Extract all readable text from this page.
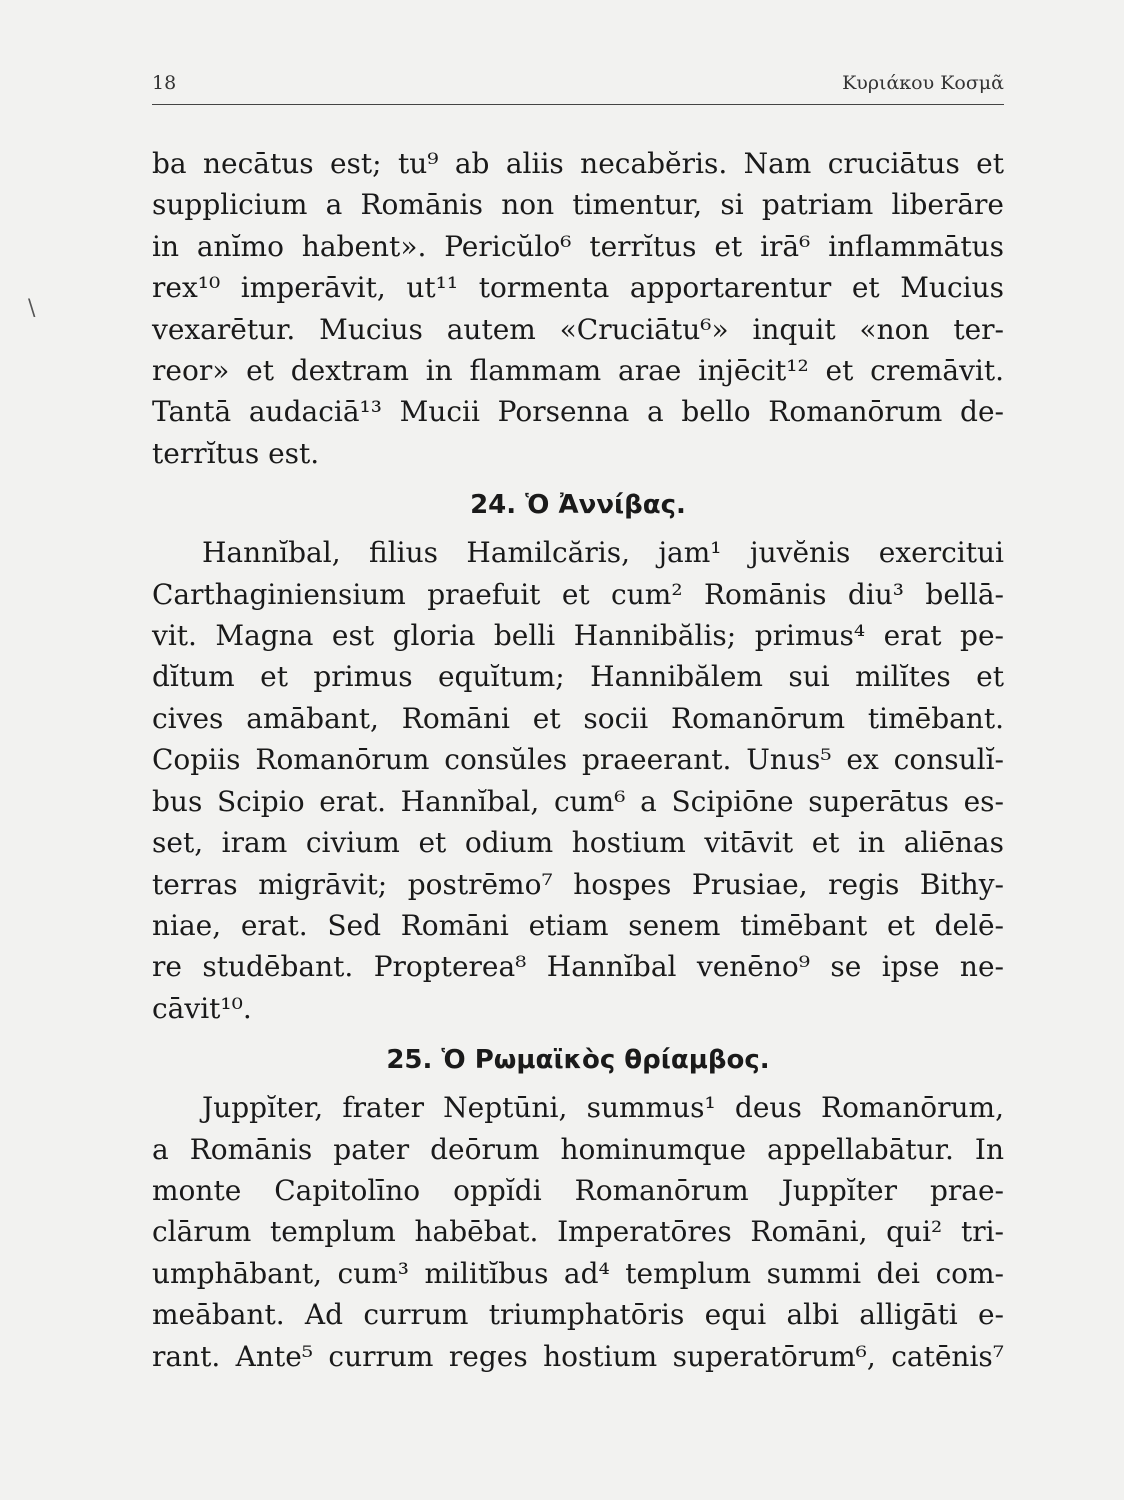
18	Κυριάκου Κοσμᾶ
\
ba necātus est; tu⁹ ab aliis necabĕris. Nam cruciātus et
supplicium a Romānis non timentur, si patriam liberāre
in anĭmo habent». Pericŭlo⁶ terrĭtus et irā⁶ inflammātus
rex¹⁰ imperāvit, ut¹¹ tormenta apportarentur et Mucius
vexarētur. Mucius autem «Cruciātu⁶» inquit «non ter-
reor» et dextram in flammam arae injēcit¹² et cremāvit.
Tantā audaciā¹³ Mucii Porsenna a bello Romanōrum de-
terrĭtus est.
24. Ὁ Ἀννίβας.
Hannĭbal, filius Hamilcăris, jam¹ juvĕnis exercitui
Carthaginiensium praefuit et cum² Romānis diu³ bellā-
vit. Magna est gloria belli Hannibălis; primus⁴ erat pe-
dĭtum et primus equĭtum; Hannibălem sui milĭtes et
cives amābant, Romāni et socii Romanōrum timēbant.
Copiis Romanōrum consŭles praeerant. Unus⁵ ex consulĭ-
bus Scipio erat. Hannĭbal, cum⁶ a Scipiōne superātus es-
set, iram civium et odium hostium vitāvit et in aliēnas
terras migrāvit; postrēmo⁷ hospes Prusiae, regis Bithy-
niae, erat. Sed Romāni etiam senem timēbant et delē-
re studēbant. Propterea⁸ Hannĭbal venēno⁹ se ipse ne-
cāvit¹⁰.
25. Ὁ Ρωμαϊκὸς θρίαμβος.
Juppĭter, frater Neptūni, summus¹ deus Romanōrum,
a Romānis pater deōrum hominumque appellabātur. In
monte Capitolīno oppĭdi Romanōrum Juppĭter prae-
clārum templum habēbat. Imperatōres Romāni, qui² tri-
umphābant, cum³ militĭbus ad⁴ templum summi dei com-
meābant. Ad currum triumphatōris equi albi alligāti e-
rant. Ante⁵ currum reges hostium superatōrum⁶, catēnis⁷
